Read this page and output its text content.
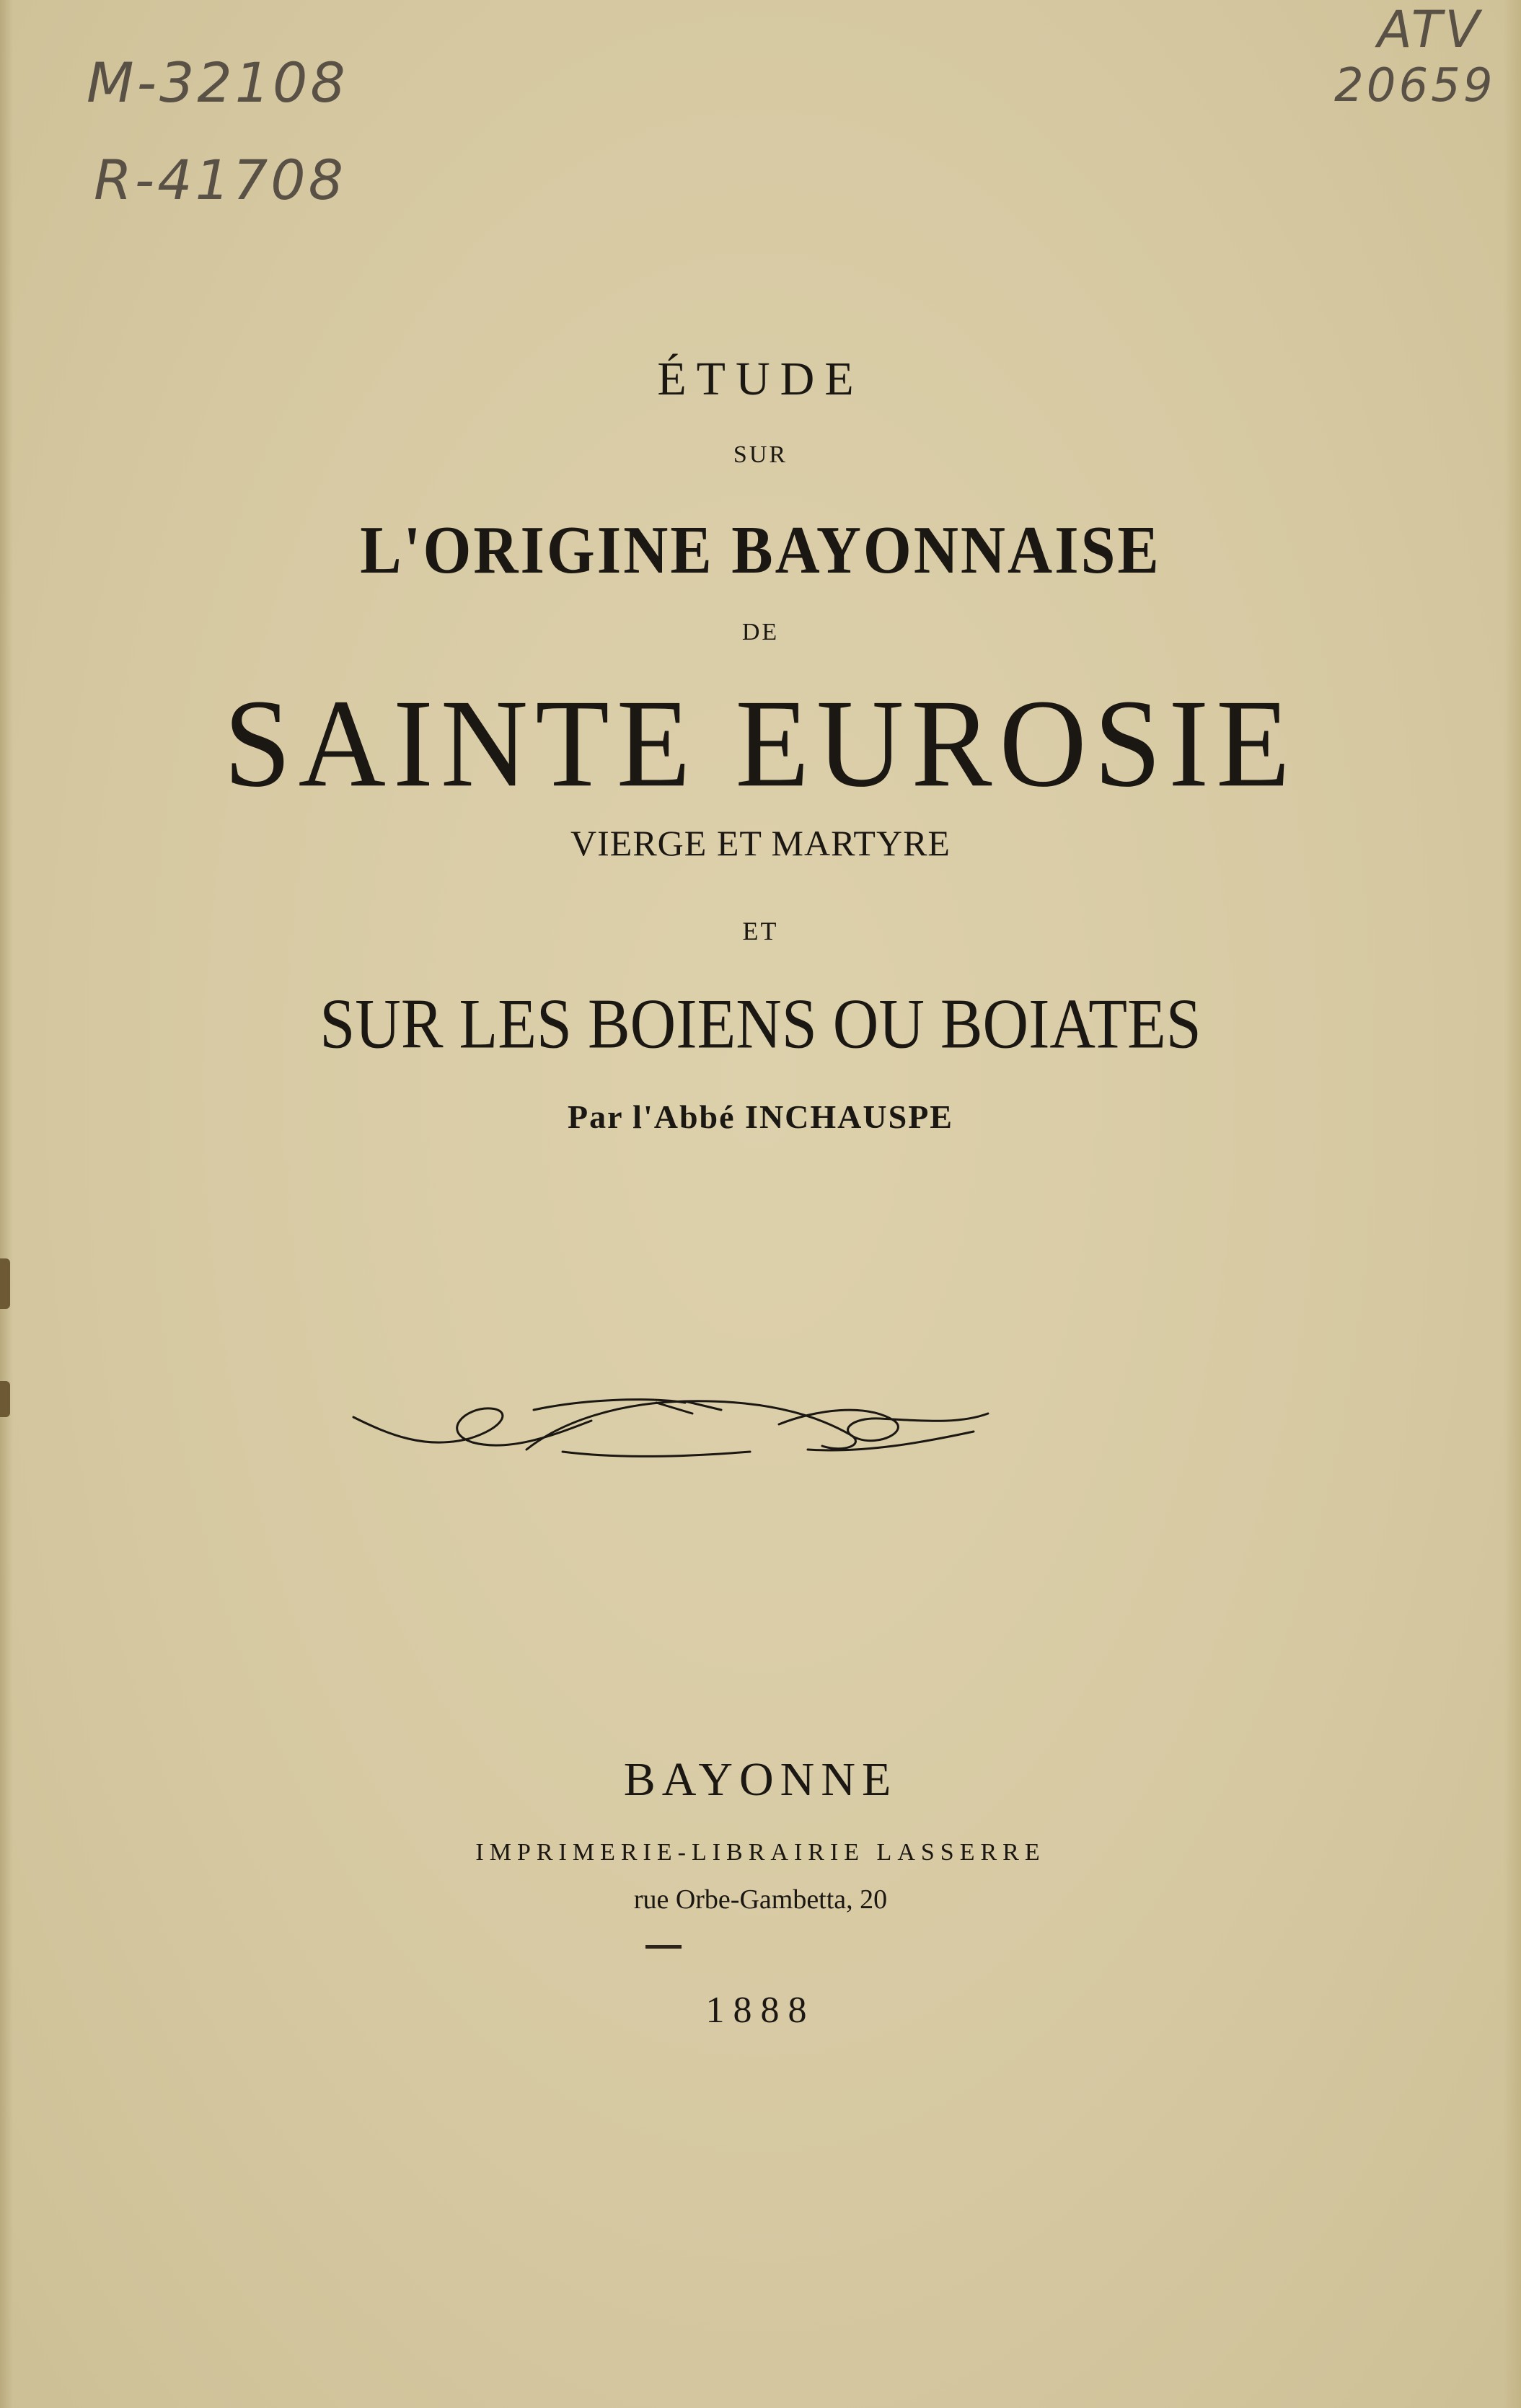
M-32108
R-41708
ATV
20659
ÉTUDE
SUR
L'ORIGINE BAYONNAISE
DE
SAINTE EUROSIE
VIERGE ET MARTYRE
ET
SUR LES BOIENS OU BOIATES
Par l'Abbé INCHAUSPE
BAYONNE
IMPRIMERIE-LIBRAIRIE LASSERRE
rue Orbe-Gambetta, 20
1888
